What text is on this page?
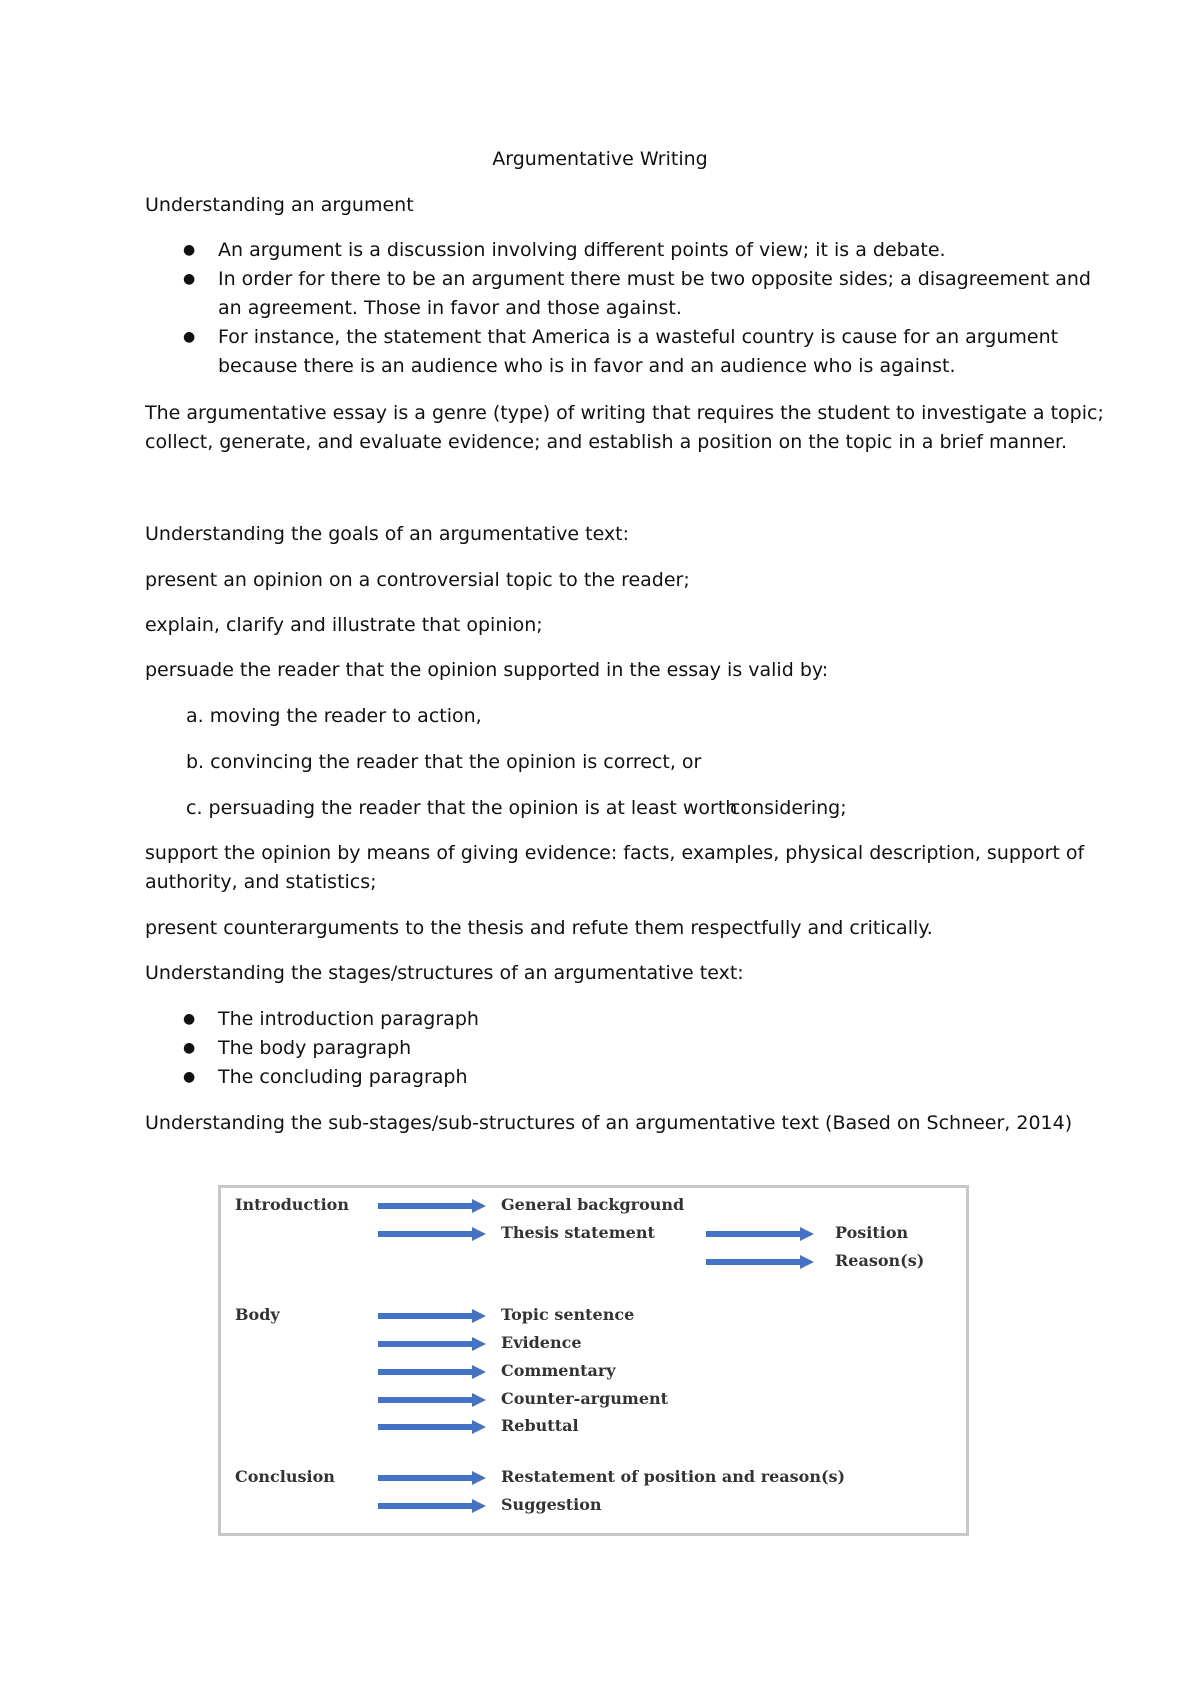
Argumentative Writing
Understanding an argument
● An argument is a discussion involving different points of view; it is a debate.
● In order for there to be an argument there must be two opposite sides; a disagreement and
an agreement. Those in favor and those against.
● For instance, the statement that America is a wasteful country is cause for an argument
because there is an audience who is in favor and an audience who is against.
The argumentative essay is a genre (type) of writing that requires the student to investigate a topic;
collect, generate, and evaluate evidence; and establish a position on the topic in a brief manner.
Understanding the goals of an argumentative text:
present an opinion on a controversial topic to the reader;
explain, clarify and illustrate that opinion;
persuade the reader that the opinion supported in the essay is valid by:
a. moving the reader to action,
b. convincing the reader that the opinion is correct, or
c. persuading the reader that the opinion is at least worth
considering;
support the opinion by means of giving evidence: facts, examples, physical description, support of
authority, and statistics;
present counterarguments to the thesis and refute them respectfully and critically.
Understanding the stages/structures of an argumentative text:
● The introduction paragraph
● The body paragraph
● The concluding paragraph
Understanding the sub-stages/sub-structures of an argumentative text (Based on Schneer, 2014)
Introduction
Body
Conclusion
General background
Thesis statement	Position
Reason(s)
Topic sentence
Evidence
Commentary
Counter-argument
Rebuttal
Restatement of position and reason(s)
Suggestion
